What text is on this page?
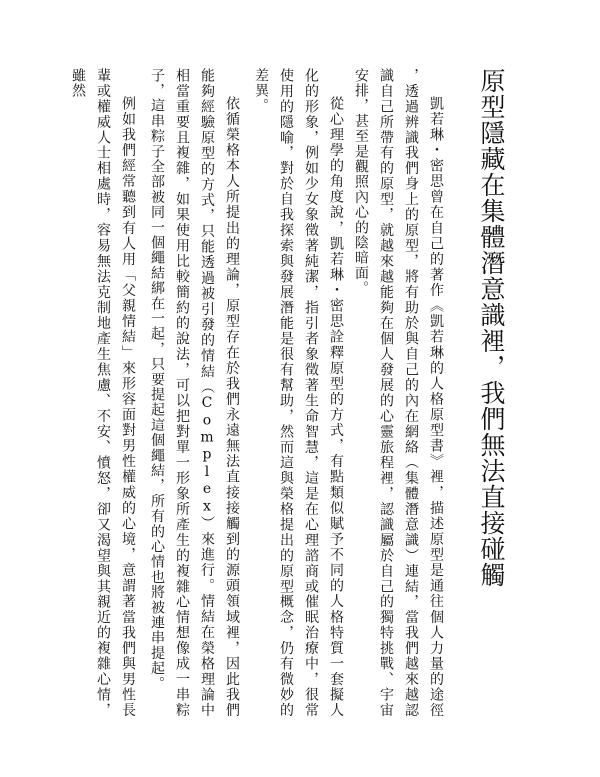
原型隱藏在集體潛意識裡，我們無法直接碰觸

凱若琳・密思曾在自己的著作《凱若琳的人格原型書》裡，描述原型是通往個人力量的途徑，透過辨識我們身上的原型，將有助於與自己的內在網絡（集體潛意識）連結，當我們越來越認識自己所帶有的原型，就越來越能夠在個人發展的心靈旅程裡，認識屬於自己的獨特挑戰、宇宙安排，甚至是觀照內心的陰暗面。

從心理學的角度說，凱若琳・密思詮釋原型的方式，有點類似賦予不同的人格特質一套擬人化的形象，例如少女象徵著純潔，指引者象徵著生命智慧，這是在心理諮商或催眠治療中，很常使用的隱喻，對於自我探索與發展潛能是很有幫助，然而這與榮格提出的原型概念，仍有微妙的差異。

依循榮格本人所提出的理論，原型存在於我們永遠無法直接接觸到的源頭領域裡，因此我們能夠經驗原型的方式，只能透過被引發的情結（Complex）來進行。情結在榮格理論中相當重要且複雜，如果使用比較簡約的說法，可以把對單一形象所產生的複雜心情想像成一串粽子，這串粽子全部被同一個繩結綁在一起，只要提起這個繩結，所有的心情也將被連串提起。

例如我們經常聽到有人用「父親情結」來形容面對男性權威的心境，意謂著當我們與男性長輩或權威人士相處時，容易無法克制地產生焦慮、不安、憤怒，卻又渴望與其親近的複雜心情，雖然
